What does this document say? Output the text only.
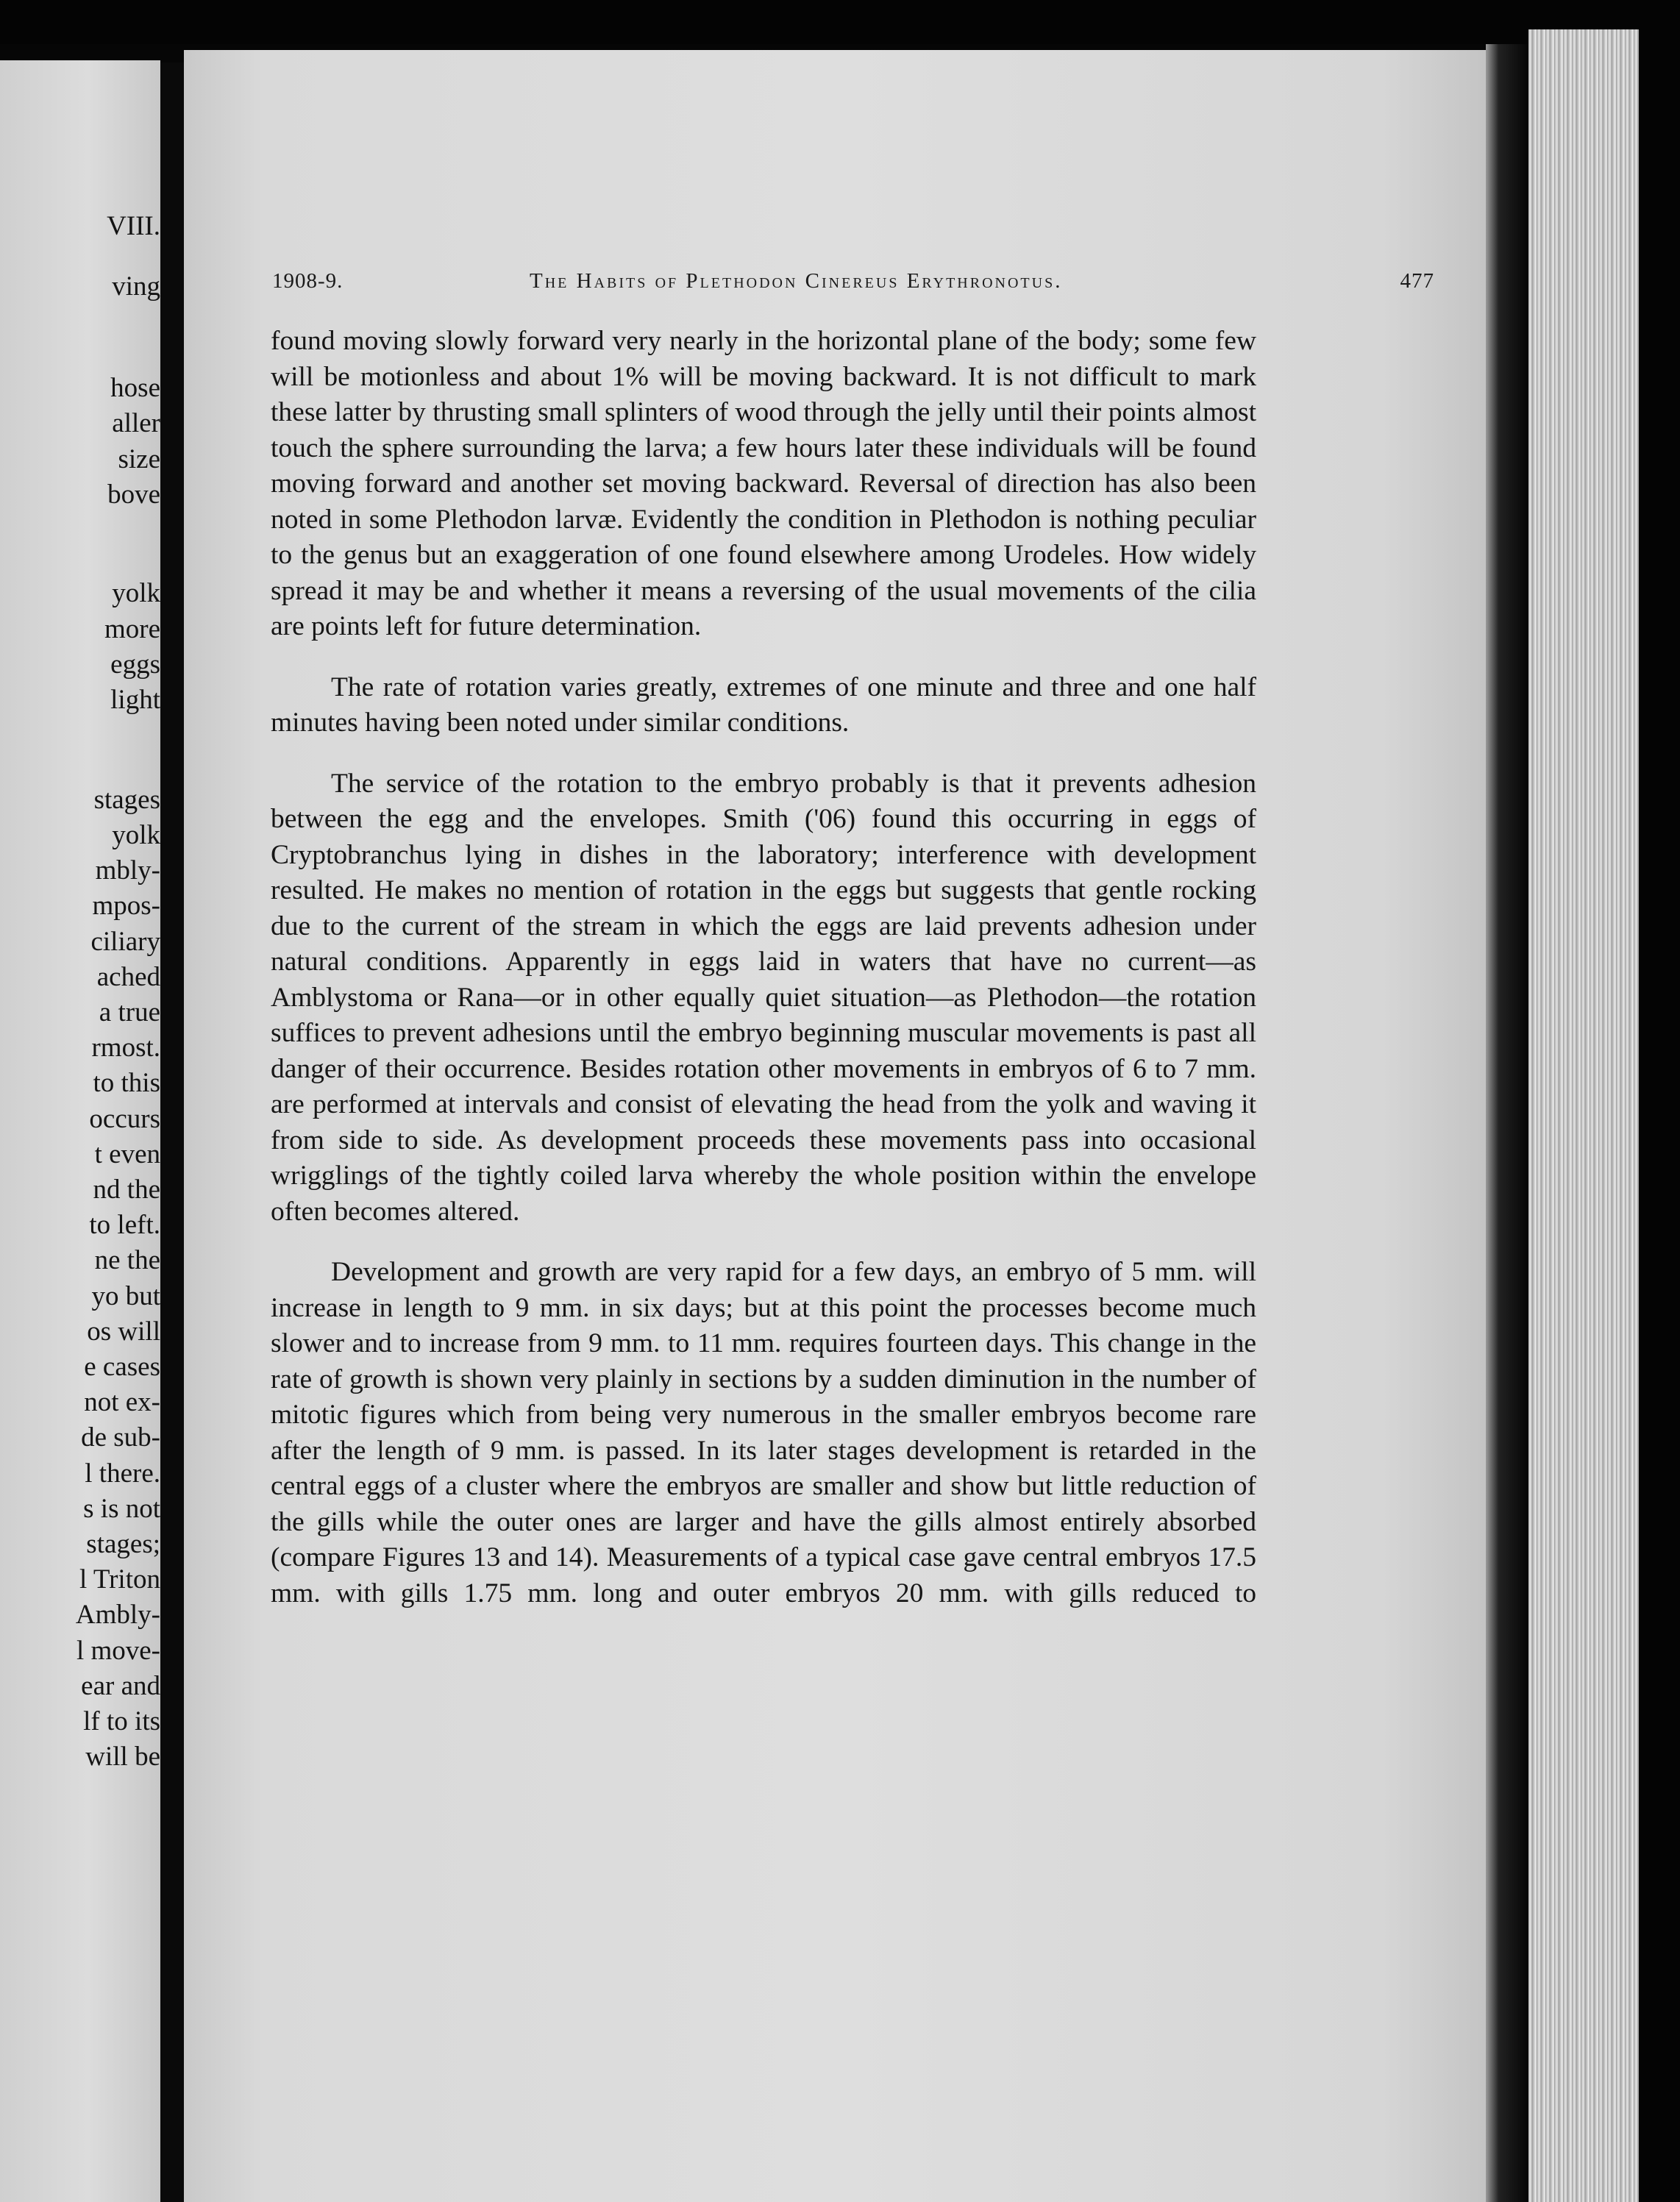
VIII.
ving
hose
aller
size
bove
yolk
more
eggs
light
stages
yolk
mbly-
mpos-
ciliary
ached
a true
rmost.
to this
occurs
t even
nd the
to left.
ne the
yo but
os will
e cases
not ex-
de sub-
l there.
s is not
stages;
l Triton
Ambly-
l move-
ear and
lf to its
will be
1908-9.	The Habits of Plethodon Cinereus Erythronotus.	477

found moving slowly forward very nearly in the horizontal plane of the body; some few will be motionless and about 1% will be moving backward. It is not difficult to mark these latter by thrusting small splinters of wood through the jelly until their points almost touch the sphere surrounding the larva; a few hours later these individuals will be found moving forward and another set moving backward. Reversal of direction has also been noted in some Plethodon larvæ. Evidently the condition in Plethodon is nothing peculiar to the genus but an exaggeration of one found elsewhere among Urodeles. How widely spread it may be and whether it means a reversing of the usual movements of the cilia are points left for future determination.

The rate of rotation varies greatly, extremes of one minute and three and one half minutes having been noted under similar conditions.

The service of the rotation to the embryo probably is that it prevents adhesion between the egg and the envelopes. Smith ('06) found this occurring in eggs of Cryptobranchus lying in dishes in the laboratory; interference with development resulted. He makes no mention of rotation in the eggs but suggests that gentle rocking due to the current of the stream in which the eggs are laid prevents adhesion under natural conditions. Apparently in eggs laid in waters that have no current—as Amblystoma or Rana—or in other equally quiet situation—as Plethodon—the rotation suffices to prevent adhesions until the embryo beginning muscular movements is past all danger of their occurrence. Besides rotation other movements in embryos of 6 to 7 mm. are performed at intervals and consist of elevating the head from the yolk and waving it from side to side. As development proceeds these movements pass into occasional wrigglings of the tightly coiled larva whereby the whole position within the envelope often becomes altered.

Development and growth are very rapid for a few days, an embryo of 5 mm. will increase in length to 9 mm. in six days; but at this point the processes become much slower and to increase from 9 mm. to 11 mm. requires fourteen days. This change in the rate of growth is shown very plainly in sections by a sudden diminution in the number of mitotic figures which from being very numerous in the smaller embryos become rare after the length of 9 mm. is passed. In its later stages development is retarded in the central eggs of a cluster where the embryos are smaller and show but little reduction of the gills while the outer ones are larger and have the gills almost entirely absorbed (compare Figures 13 and 14). Measurements of a typical case gave central embryos 17.5 mm. with gills 1.75 mm. long and outer embryos 20 mm. with gills reduced to
